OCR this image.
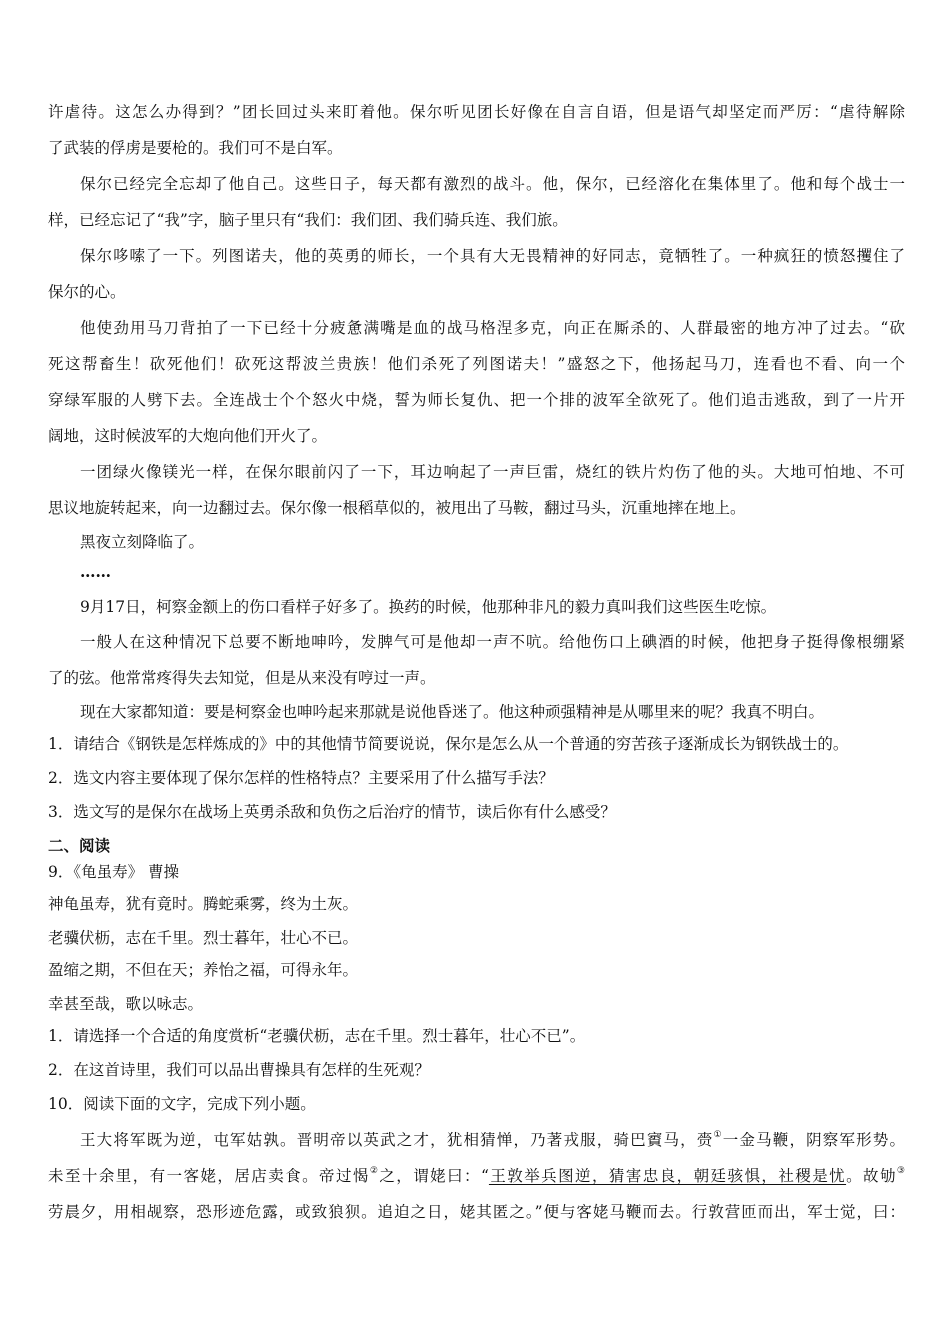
许虐待。这怎么办得到？”团长回过头来盯着他。保尔听见团长好像在自言自语，但是语气却坚定而严厉：“虐待解除
了武装的俘虏是要枪的。我们可不是白军。
保尔已经完全忘却了他自己。这些日子，每天都有激烈的战斗。他，保尔，已经溶化在集体里了。他和每个战士一
样，已经忘记了“我”字，脑子里只有“我们：我们团、我们骑兵连、我们旅。
保尔哆嗦了一下。列图诺夫，他的英勇的师长，一个具有大无畏精神的好同志，竟牺牲了。一种疯狂的愤怒攫住了
保尔的心。
他使劲用马刀背拍了一下已经十分疲惫满嘴是血的战马格涅多克，向正在厮杀的、人群最密的地方冲了过去。“砍
死这帮畜生！砍死他们！砍死这帮波兰贵族！他们杀死了列图诺夫！”盛怒之下，他扬起马刀，连看也不看、向一个
穿绿军服的人劈下去。全连战士个个怒火中烧，誓为师长复仇、把一个排的波军全欲死了。他们追击逃敌，到了一片开
阔地，这时候波军的大炮向他们开火了。
一团绿火像镁光一样，在保尔眼前闪了一下，耳边响起了一声巨雷，烧红的铁片灼伤了他的头。大地可怕地、不可
思议地旋转起来，向一边翻过去。保尔像一根稻草似的，被甩出了马鞍，翻过马头，沉重地摔在地上。
黑夜立刻降临了。
……
9月17日，柯察金额上的伤口看样子好多了。换药的时候，他那种非凡的毅力真叫我们这些医生吃惊。
一般人在这种情况下总要不断地呻吟，发脾气可是他却一声不吭。给他伤口上碘酒的时候，他把身子挺得像根绷紧
了的弦。他常常疼得失去知觉，但是从来没有哼过一声。
现在大家都知道：要是柯察金也呻吟起来那就是说他昏迷了。他这种顽强精神是从哪里来的呢？我真不明白。
1．请结合《钢铁是怎样炼成的》中的其他情节简要说说，保尔是怎么从一个普通的穷苦孩子逐渐成长为钢铁战士的。
2．选文内容主要体现了保尔怎样的性格特点？主要采用了什么描写手法？
3．选文写的是保尔在战场上英勇杀敌和负伤之后治疗的情节，读后你有什么感受？
二、阅读
9．《龟虽寿》 曹操
神龟虽寿，犹有竟时。腾蛇乘雾，终为土灰。
老骥伏枥，志在千里。烈士暮年，壮心不已。
盈缩之期，不但在天；养怡之福，可得永年。
幸甚至哉，歌以咏志。
1．请选择一个合适的角度赏析“老骥伏枥，志在千里。烈士暮年，壮心不已”。
2．在这首诗里，我们可以品出曹操具有怎样的生死观？
10．阅读下面的文字，完成下列小题。
王大将军既为逆，屯军姑孰。晋明帝以英武之才，犹相猜惮，乃著戎服，骑巴賨马，赍①一金马鞭，阴察军形势。
未至十余里，有一客姥，居店卖食。帝过愒②之，谓姥曰：“王敦举兵图逆，猜害忠良，朝廷骇惧，社稷是忧。故劬③
劳晨夕，用相觇察，恐形迹危露，或致狼狈。追迫之日，姥其匿之。”便与客姥马鞭而去。行敦营匝而出，军士觉，曰：
